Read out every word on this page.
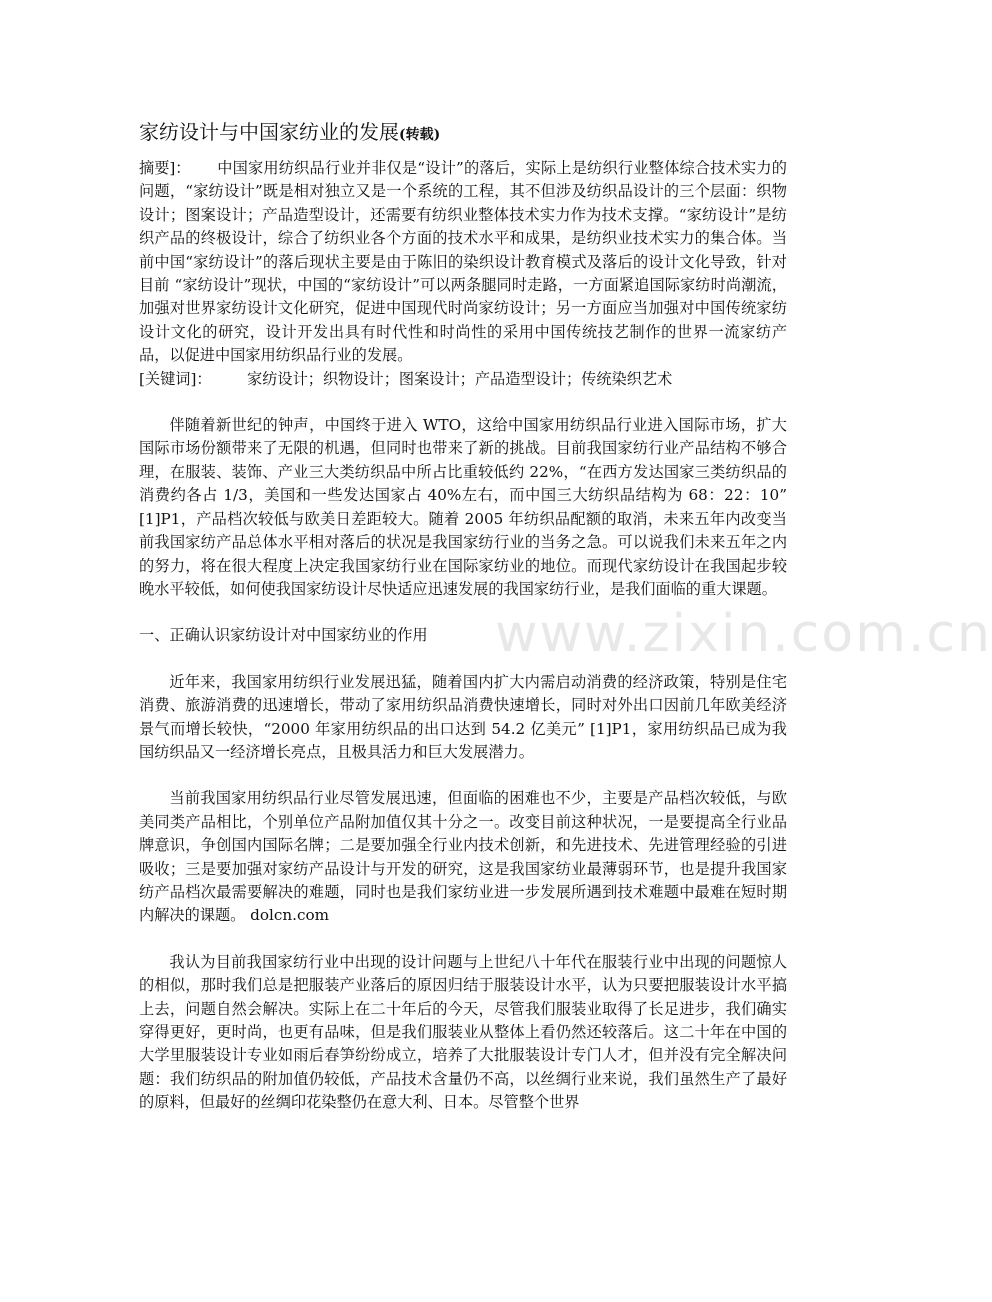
家纺设计与中国家纺业的发展(转载)

摘要]： 中国家用纺织品行业并非仅是“设计”的落后，实际上是纺织行业整体综合技术实力的问题，“家纺设计”既是相对独立又是一个系统的工程，其不但涉及纺织品设计的三个层面：织物设计；图案设计；产品造型设计，还需要有纺织业整体技术实力作为技术支撑。“家纺设计”是纺织产品的终极设计，综合了纺织业各个方面的技术水平和成果，是纺织业技术实力的集合体。当前中国“家纺设计”的落后现状主要是由于陈旧的染织设计教育模式及落后的设计文化导致，针对目前 “家纺设计”现状，中国的“家纺设计”可以两条腿同时走路，一方面紧追国际家纺时尚潮流，加强对世界家纺设计文化研究，促进中国现代时尚家纺设计；另一方面应当加强对中国传统家纺设计文化的研究，设计开发出具有时代性和时尚性的采用中国传统技艺制作的世界一流家纺产品，以促进中国家用纺织品行业的发展。

[关键词]： 家纺设计；织物设计；图案设计；产品造型设计；传统染织艺术

伴随着新世纪的钟声，中国终于进入 WTO，这给中国家用纺织品行业进入国际市场，扩大国际市场份额带来了无限的机遇，但同时也带来了新的挑战。目前我国家纺行业产品结构不够合理，在服装、装饰、产业三大类纺织品中所占比重较低约 22%，“在西方发达国家三类纺织品的消费约各占 1/3，美国和一些发达国家占 40%左右，而中国三大纺织品结构为 68：22：10” [1]P1，产品档次较低与欧美日差距较大。随着 2005 年纺织品配额的取消，未来五年内改变当前我国家纺产品总体水平相对落后的状况是我国家纺行业的当务之急。可以说我们未来五年之内的努力，将在很大程度上决定我国家纺行业在国际家纺业的地位。而现代家纺设计在我国起步较晚水平较低，如何使我国家纺设计尽快适应迅速发展的我国家纺行业，是我们面临的重大课题。

一、正确认识家纺设计对中国家纺业的作用

近年来，我国家用纺织行业发展迅猛，随着国内扩大内需启动消费的经济政策，特别是住宅消费、旅游消费的迅速增长，带动了家用纺织品消费快速增长，同时对外出口因前几年欧美经济景气而增长较快，“2000 年家用纺织品的出口达到 54.2 亿美元” [1]P1，家用纺织品已成为我国纺织品又一经济增长亮点，且极具活力和巨大发展潜力。

当前我国家用纺织品行业尽管发展迅速，但面临的困难也不少，主要是产品档次较低，与欧美同类产品相比，个别单位产品附加值仅其十分之一。改变目前这种状况，一是要提高全行业品牌意识，争创国内国际名牌；二是要加强全行业内技术创新，和先进技术、先进管理经验的引进吸收；三是要加强对家纺产品设计与开发的研究，这是我国家纺业最薄弱环节，也是提升我国家纺产品档次最需要解决的难题，同时也是我们家纺业进一步发展所遇到技术难题中最难在短时期内解决的课题。 dolcn.com

我认为目前我国家纺行业中出现的设计问题与上世纪八十年代在服装行业中出现的问题惊人的相似，那时我们总是把服装产业落后的原因归结于服装设计水平，认为只要把服装设计水平搞上去，问题自然会解决。实际上在二十年后的今天，尽管我们服装业取得了长足进步，我们确实穿得更好，更时尚，也更有品味，但是我们服装业从整体上看仍然还较落后。这二十年在中国的大学里服装设计专业如雨后春笋纷纷成立，培养了大批服装设计专门人才，但并没有完全解决问题：我们纺织品的附加值仍较低，产品技术含量仍不高，以丝绸行业来说，我们虽然生产了最好的原料，但最好的丝绸印花染整仍在意大利、日本。尽管整个世界

www.zixin.com.cn
